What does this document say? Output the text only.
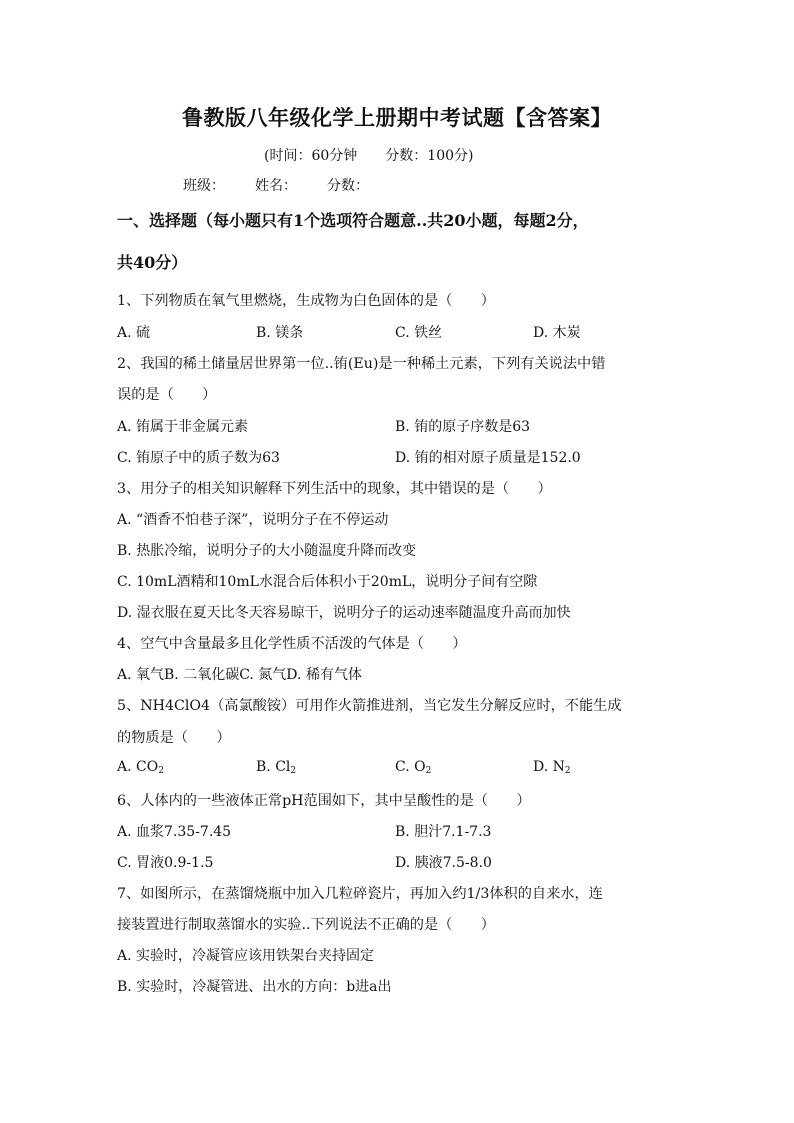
鲁教版八年级化学上册期中考试题【含答案】
(时间：60分钟 分数：100分)
班级： 姓名： 分数：
一、选择题（每小题只有1个选项符合题意..共20小题，每题2分，
共40分）
1、下列物质在氧气里燃烧，生成物为白色固体的是（　　）
A. 硫	B. 镁条	C. 铁丝	D. 木炭
2、我国的稀土储量居世界第一位..铕(Eu)是一种稀土元素，下列有关说法中错
误的是（　　）
A. 铕属于非金属元素	B. 铕的原子序数是63
C. 铕原子中的质子数为63	D. 铕的相对原子质量是152.0
3、用分子的相关知识解释下列生活中的现象，其中错误的是（　　）
A. “酒香不怕巷子深”，说明分子在不停运动
B. 热胀冷缩，说明分子的大小随温度升降而改变
C. 10mL酒精和10mL水混合后体积小于20mL，说明分子间有空隙
D. 湿衣服在夏天比冬天容易晾干，说明分子的运动速率随温度升高而加快
4、空气中含量最多且化学性质不活泼的气体是（　　）
A. 氧气B. 二氧化碳C. 氮气D. 稀有气体
5、NH4ClO4（高氯酸铵）可用作火箭推进剂，当它发生分解反应时，不能生成
的物质是（　　）
A. $CO_2$	B. $Cl_2$	C. $O_2$	D. $N_2$
6、人体内的一些液体正常pH范围如下，其中呈酸性的是（　　）
A. 血浆7.35-7.45	B. 胆汁7.1-7.3
C. 胃液0.9-1.5	D. 胰液7.5-8.0
7、如图所示，在蒸馏烧瓶中加入几粒碎瓷片，再加入约1/3体积的自来水，连
接装置进行制取蒸馏水的实验..下列说法不正确的是（　　）
A. 实验时，冷凝管应该用铁架台夹持固定
B. 实验时，冷凝管进、出水的方向：b进a出
